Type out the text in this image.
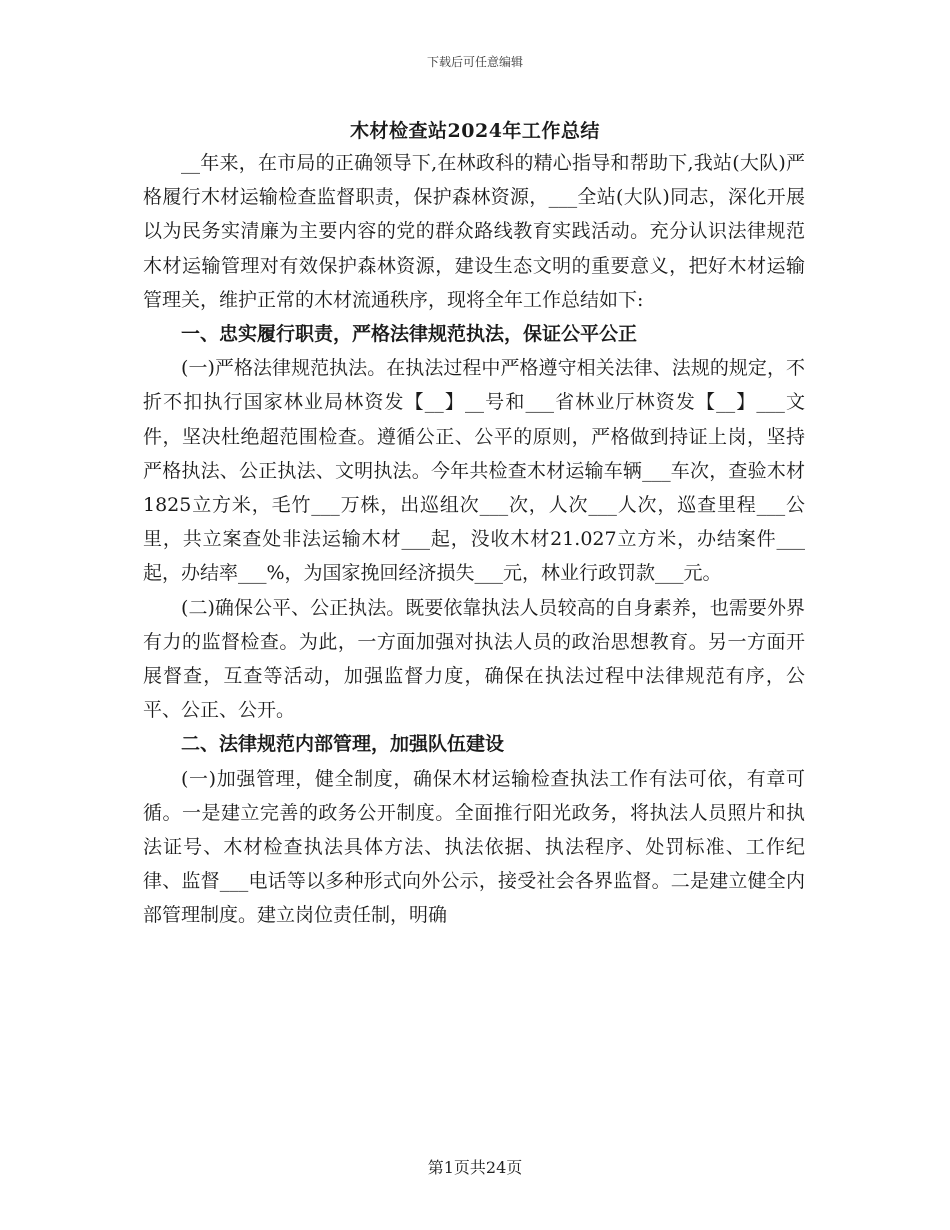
下载后可任意编辑
木材检查站2024年工作总结

__年来，在市局的正确领导下,在林政科的精心指导和帮助下,我站(大队)严格履行木材运输检查监督职责，保护森林资源，___全站(大队)同志，深化开展以为民务实清廉为主要内容的党的群众路线教育实践活动。充分认识法律规范木材运输管理对有效保护森林资源，建设生态文明的重要意义，把好木材运输管理关，维护正常的木材流通秩序，现将全年工作总结如下:

一、忠实履行职责，严格法律规范执法，保证公平公正

(一)严格法律规范执法。在执法过程中严格遵守相关法律、法规的规定，不折不扣执行国家林业局林资发【__】__号和___省林业厅林资发【__】___文件，坚决杜绝超范围检查。遵循公正、公平的原则，严格做到持证上岗，坚持严格执法、公正执法、文明执法。今年共检查木材运输车辆___车次，查验木材1825立方米，毛竹___万株，出巡组次___次，人次___人次，巡查里程___公里，共立案查处非法运输木材___起，没收木材21.027立方米，办结案件___起，办结率___%，为国家挽回经济损失___元，林业行政罚款___元。

(二)确保公平、公正执法。既要依靠执法人员较高的自身素养，也需要外界有力的监督检查。为此，一方面加强对执法人员的政治思想教育。另一方面开展督查，互查等活动，加强监督力度，确保在执法过程中法律规范有序，公平、公正、公开。

二、法律规范内部管理，加强队伍建设

(一)加强管理，健全制度，确保木材运输检查执法工作有法可依，有章可循。一是建立完善的政务公开制度。全面推行阳光政务，将执法人员照片和执法证号、木材检查执法具体方法、执法依据、执法程序、处罚标准、工作纪律、监督___电话等以多种形式向外公示，接受社会各界监督。二是建立健全内部管理制度。建立岗位责任制，明确

第1页共24页
